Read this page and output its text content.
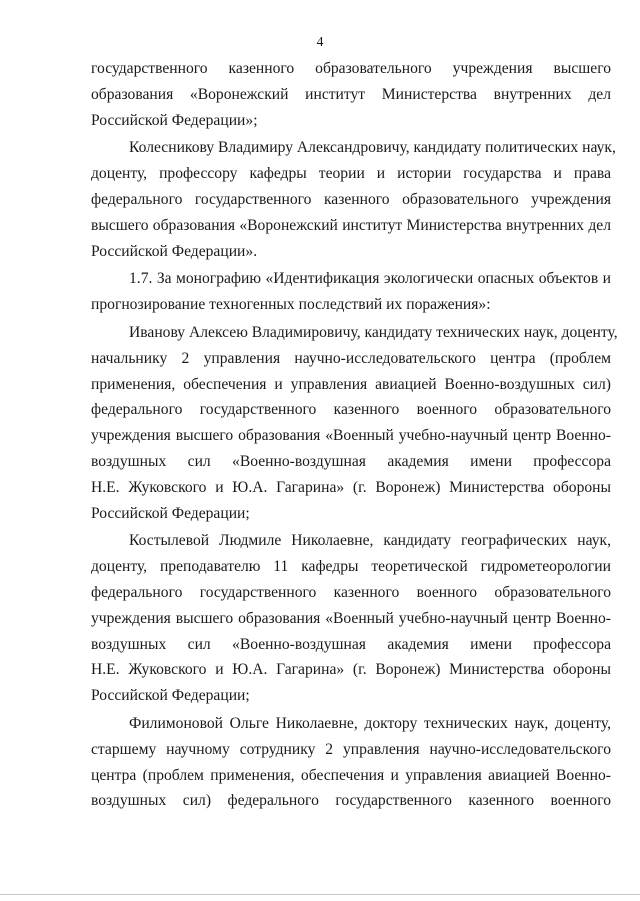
4
государственного казенного образовательного учреждения высшего
образования «Воронежский институт Министерства внутренних дел
Российской Федерации»;
Колесникову Владимиру Александровичу, кандидату политических наук,
доценту, профессору кафедры теории и истории государства и права
федерального государственного казенного образовательного учреждения
высшего образования «Воронежский институт Министерства внутренних дел
Российской Федерации».
1.7. За монографию «Идентификация экологически опасных объектов и
прогнозирование техногенных последствий их поражения»:
Иванову Алексею Владимировичу, кандидату технических наук, доценту,
начальнику 2 управления научно-исследовательского центра (проблем
применения, обеспечения и управления авиацией Военно-воздушных сил)
федерального государственного казенного военного образовательного
учреждения высшего образования «Военный учебно-научный центр Военно-
воздушных сил «Военно-воздушная академия имени профессора
Н.Е. Жуковского и Ю.А. Гагарина» (г. Воронеж) Министерства обороны
Российской Федерации;
Костылевой Людмиле Николаевне, кандидату географических наук,
доценту, преподавателю 11 кафедры теоретической гидрометеорологии
федерального государственного казенного военного образовательного
учреждения высшего образования «Военный учебно-научный центр Военно-
воздушных сил «Военно-воздушная академия имени профессора
Н.Е. Жуковского и Ю.А. Гагарина» (г. Воронеж) Министерства обороны
Российской Федерации;
Филимоновой Ольге Николаевне, доктору технических наук, доценту,
старшему научному сотруднику 2 управления научно-исследовательского
центра (проблем применения, обеспечения и управления авиацией Военно-
воздушных сил) федерального государственного казенного военного
